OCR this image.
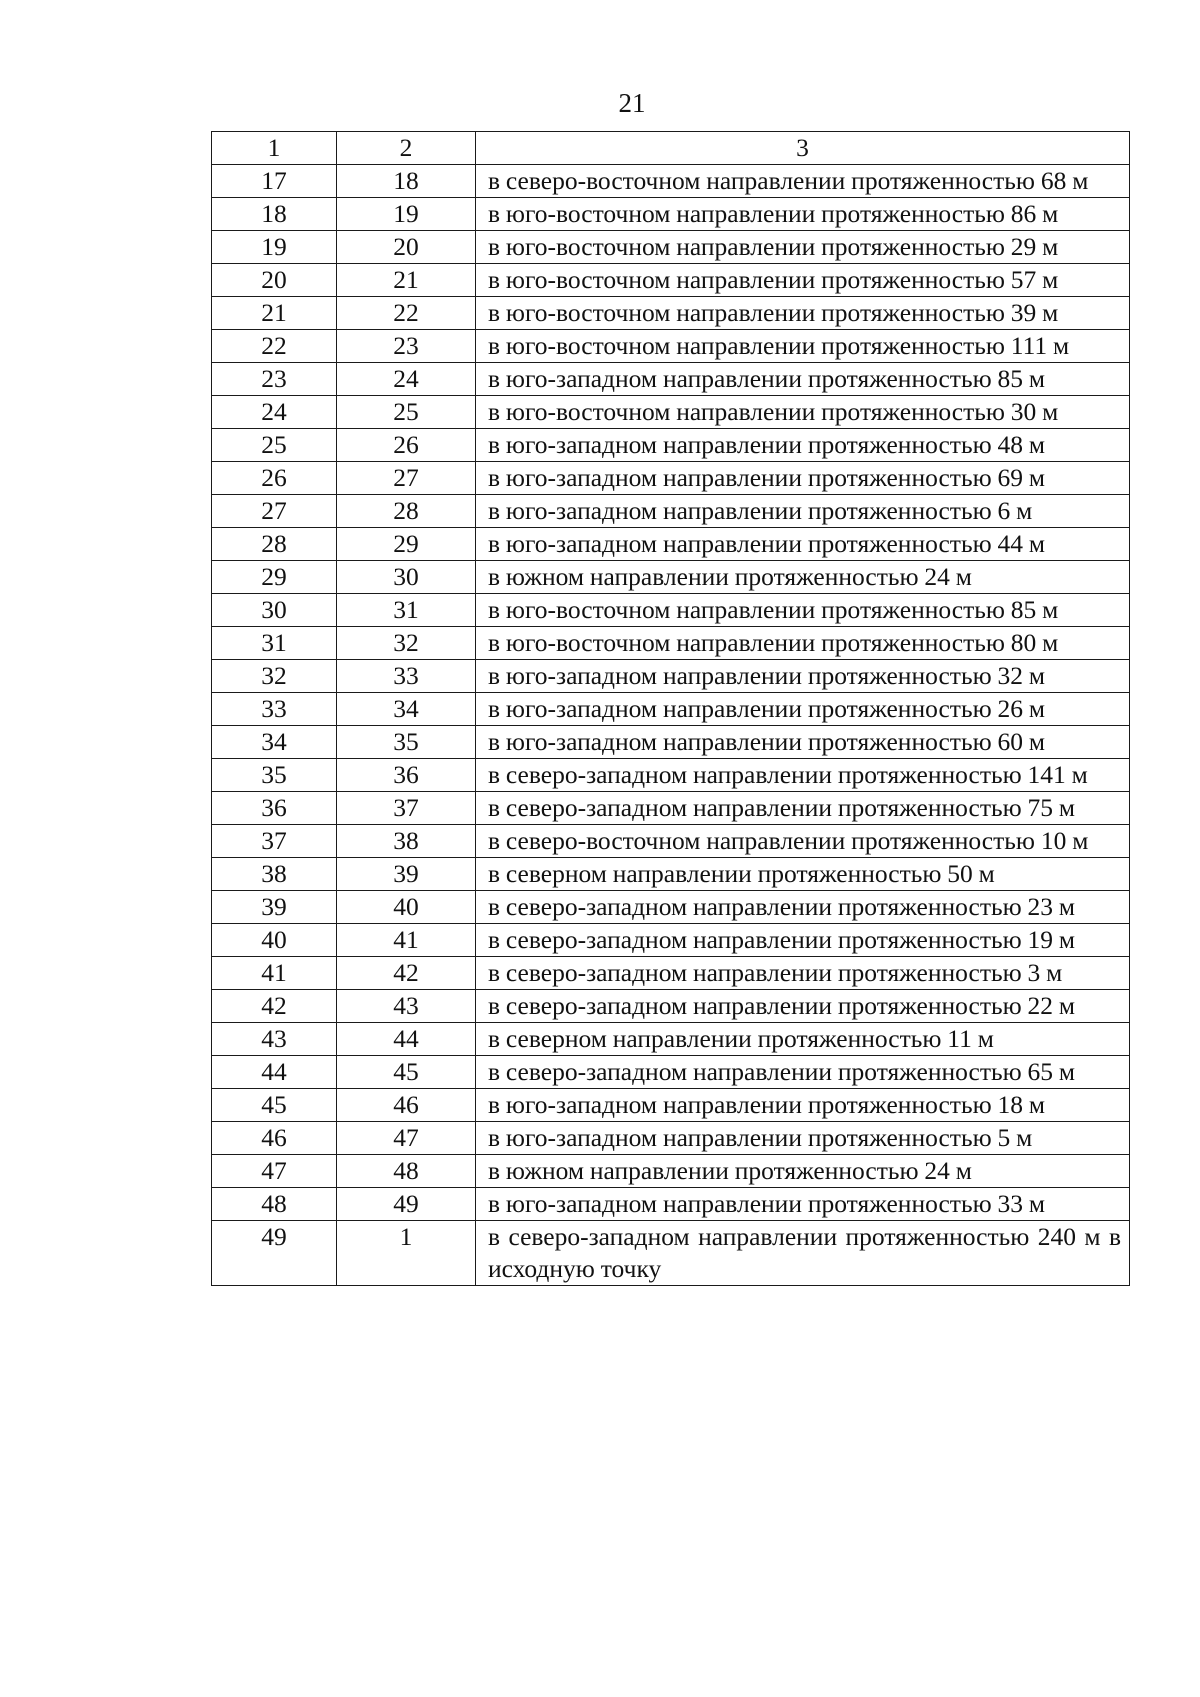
21
1	2	3
17	18	в северо-восточном направлении протяженностью 68 м
18	19	в юго-восточном направлении протяженностью 86 м
19	20	в юго-восточном направлении протяженностью 29 м
20	21	в юго-восточном направлении протяженностью 57 м
21	22	в юго-восточном направлении протяженностью 39 м
22	23	в юго-восточном направлении протяженностью 111 м
23	24	в юго-западном направлении протяженностью 85 м
24	25	в юго-восточном направлении протяженностью 30 м
25	26	в юго-западном направлении протяженностью 48 м
26	27	в юго-западном направлении протяженностью 69 м
27	28	в юго-западном направлении протяженностью 6 м
28	29	в юго-западном направлении протяженностью 44 м
29	30	в южном направлении протяженностью 24 м
30	31	в юго-восточном направлении протяженностью 85 м
31	32	в юго-восточном направлении протяженностью 80 м
32	33	в юго-западном направлении протяженностью 32 м
33	34	в юго-западном направлении протяженностью 26 м
34	35	в юго-западном направлении протяженностью 60 м
35	36	в северо-западном направлении протяженностью 141 м
36	37	в северо-западном направлении протяженностью 75 м
37	38	в северо-восточном направлении протяженностью 10 м
38	39	в северном направлении протяженностью 50 м
39	40	в северо-западном направлении протяженностью 23 м
40	41	в северо-западном направлении протяженностью 19 м
41	42	в северо-западном направлении протяженностью 3 м
42	43	в северо-западном направлении протяженностью 22 м
43	44	в северном направлении протяженностью 11 м
44	45	в северо-западном направлении протяженностью 65 м
45	46	в юго-западном направлении протяженностью 18 м
46	47	в юго-западном направлении протяженностью 5 м
47	48	в южном направлении протяженностью 24 м
48	49	в юго-западном направлении протяженностью 33 м
49	1	в северо-западном направлении протяженностью 240 м в исходную точку
